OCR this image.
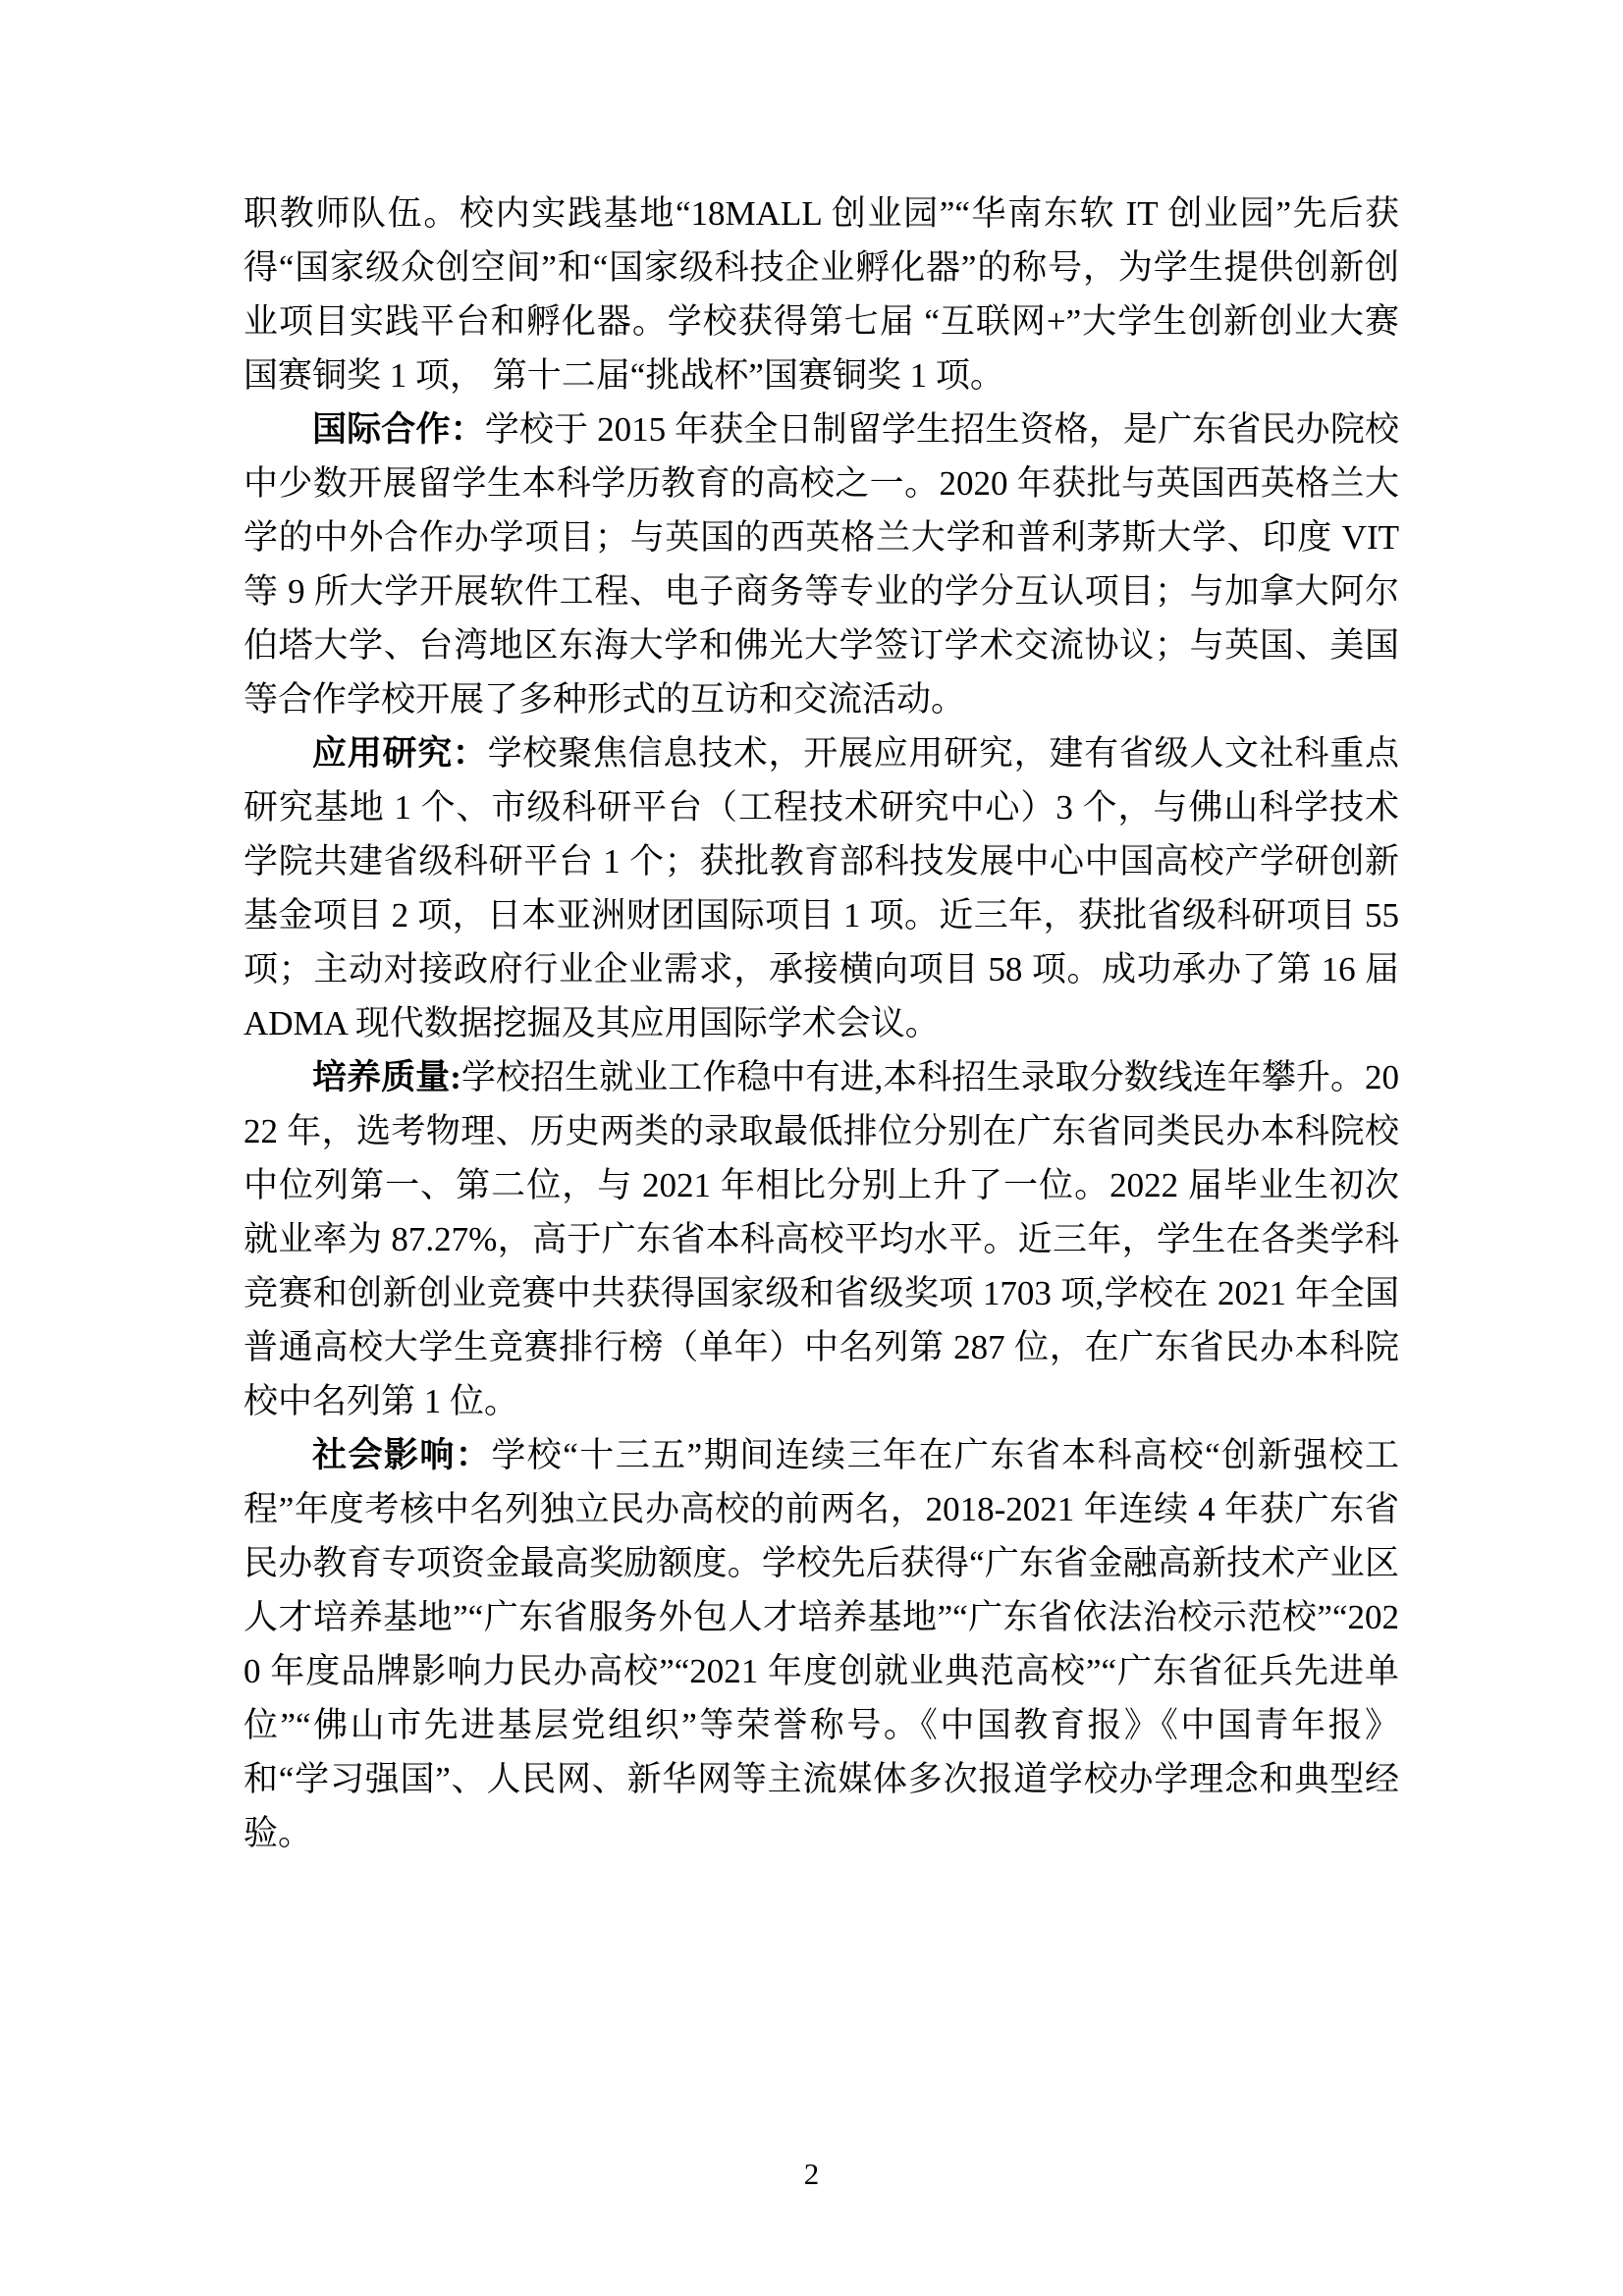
职教师队伍。校内实践基地“18MALL 创业园”“华南东软 IT 创业园”先后获得“国家级众创空间”和“国家级科技企业孵化器”的称号，为学生提供创新创业项目实践平台和孵化器。学校获得第七届 “互联网+”大学生创新创业大赛国赛铜奖 1 项， 第十二届“挑战杯”国赛铜奖 1 项。

国际合作：学校于 2015 年获全日制留学生招生资格，是广东省民办院校中少数开展留学生本科学历教育的高校之一。2020 年获批与英国西英格兰大学的中外合作办学项目；与英国的西英格兰大学和普利茅斯大学、印度 VIT 等 9 所大学开展软件工程、电子商务等专业的学分互认项目；与加拿大阿尔伯塔大学、台湾地区东海大学和佛光大学签订学术交流协议；与英国、美国等合作学校开展了多种形式的互访和交流活动。

应用研究：学校聚焦信息技术，开展应用研究，建有省级人文社科重点研究基地 1 个、市级科研平台（工程技术研究中心）3 个，与佛山科学技术学院共建省级科研平台 1 个；获批教育部科技发展中心中国高校产学研创新基金项目 2 项，日本亚洲财团国际项目 1 项。近三年，获批省级科研项目 55 项；主动对接政府行业企业需求，承接横向项目 58 项。成功承办了第 16 届 ADMA 现代数据挖掘及其应用国际学术会议。

培养质量:学校招生就业工作稳中有进,本科招生录取分数线连年攀升。2022 年，选考物理、历史两类的录取最低排位分别在广东省同类民办本科院校中位列第一、第二位，与 2021 年相比分别上升了一位。2022 届毕业生初次就业率为 87.27%，高于广东省本科高校平均水平。近三年，学生在各类学科竞赛和创新创业竞赛中共获得国家级和省级奖项 1703 项,学校在 2021 年全国普通高校大学生竞赛排行榜（单年）中名列第 287 位，在广东省民办本科院校中名列第 1 位。

社会影响：学校“十三五”期间连续三年在广东省本科高校“创新强校工程”年度考核中名列独立民办高校的前两名，2018-2021 年连续 4 年获广东省民办教育专项资金最高奖励额度。学校先后获得“广东省金融高新技术产业区人才培养基地”“广东省服务外包人才培养基地”“广东省依法治校示范校”“2020 年度品牌影响力民办高校”“2021 年度创就业典范高校”“广东省征兵先进单位”“佛山市先进基层党组织”等荣誉称号。《中国教育报》《中国青年报》和“学习强国”、人民网、新华网等主流媒体多次报道学校办学理念和典型经验。

2
